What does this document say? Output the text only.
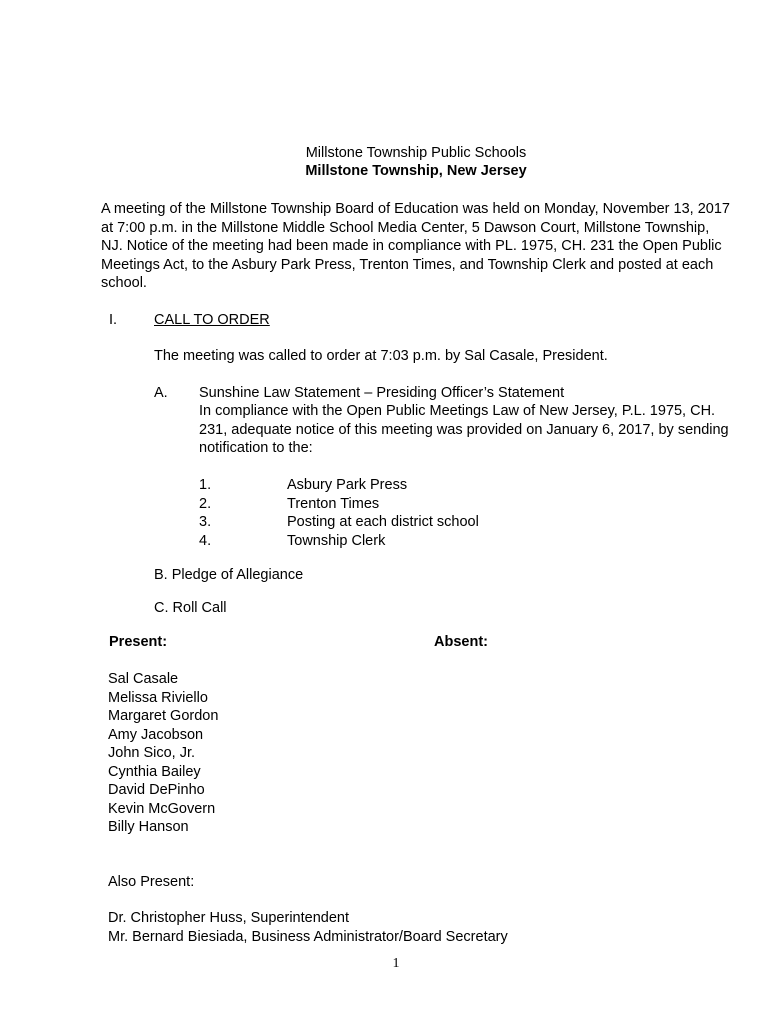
Millstone Township Public Schools
Millstone Township, New Jersey
A meeting of the Millstone Township Board of Education was held on Monday, November 13, 2017 at 7:00 p.m. in the Millstone Middle School Media Center, 5 Dawson Court, Millstone Township, NJ. Notice of the meeting had been made in compliance with PL. 1975, CH. 231 the Open Public Meetings Act, to the Asbury Park Press, Trenton Times, and Township Clerk and posted at each school.
I.	CALL TO ORDER
The meeting was called to order at 7:03 p.m. by Sal Casale, President.
A. Sunshine Law Statement – Presiding Officer’s Statement
In compliance with the Open Public Meetings Law of New Jersey, P.L. 1975, CH. 231, adequate notice of this meeting was provided on January 6, 2017, by sending notification to the:
1.
2.
3.
4.
Asbury Park Press
Trenton Times
Posting at each district school
Township Clerk
B. Pledge of Allegiance
C. Roll Call
Present:	Absent:
Sal Casale
Melissa Riviello
Margaret Gordon
Amy Jacobson
John Sico, Jr.
Cynthia Bailey
David DePinho
Kevin McGovern
Billy Hanson
Also Present:
Dr. Christopher Huss, Superintendent
Mr. Bernard Biesiada, Business Administrator/Board Secretary
1
